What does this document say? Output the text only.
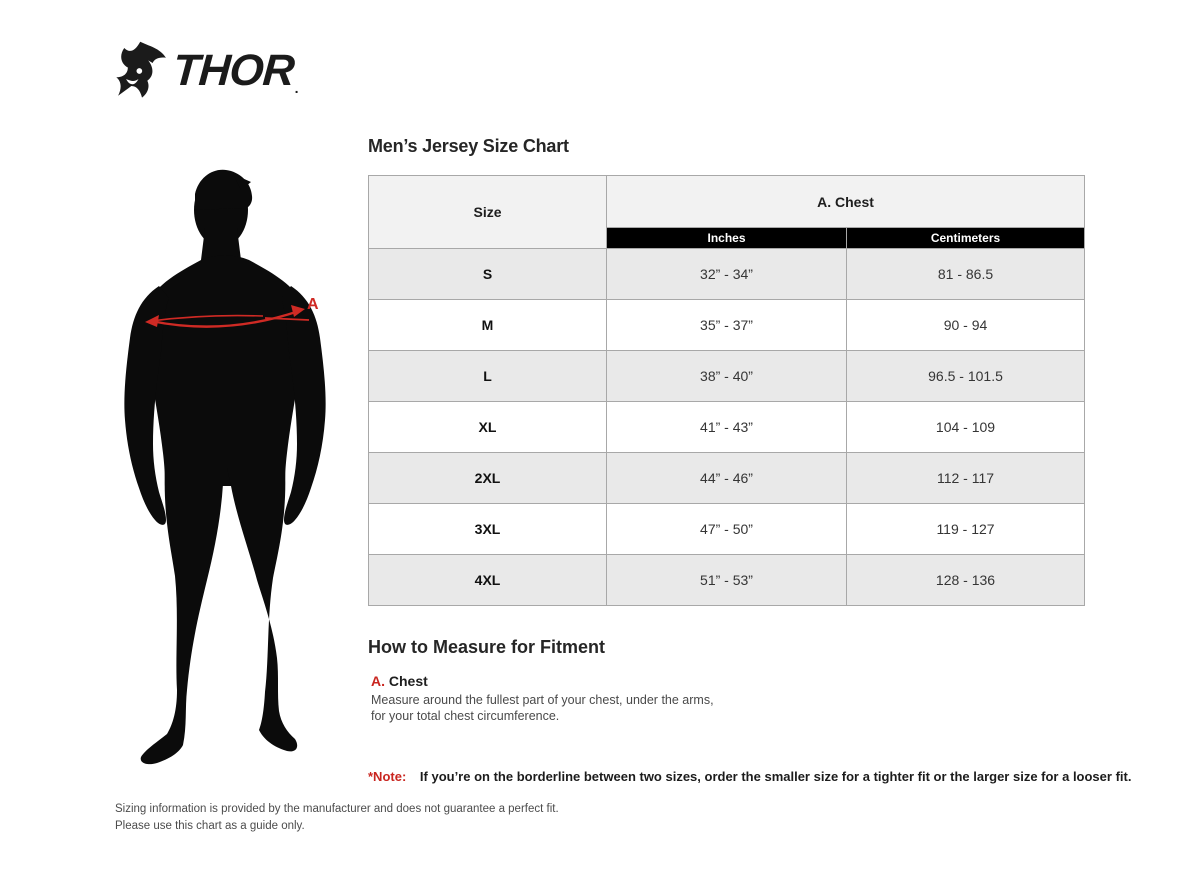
THOR .
A
Men’s Jersey Size Chart
Size	A. Chest	
	Inches	Centimeters
S	32” - 34”	81 - 86.5
M	35” - 37”	90 - 94
L	38” - 40”	96.5 - 101.5
XL	41” - 43”	104 - 109
2XL	44” - 46”	112 - 117
3XL	47” - 50”	119 - 127
4XL	51” - 53”	128 - 136
How to Measure for Fitment
A. Chest
Measure around the fullest part of your chest, under the arms, for your total chest circumference.
*Note: If you’re on the borderline between two sizes, order the smaller size for a tighter fit or the larger size for a looser fit.
Sizing information is provided by the manufacturer and does not guarantee a perfect fit.
Please use this chart as a guide only.
